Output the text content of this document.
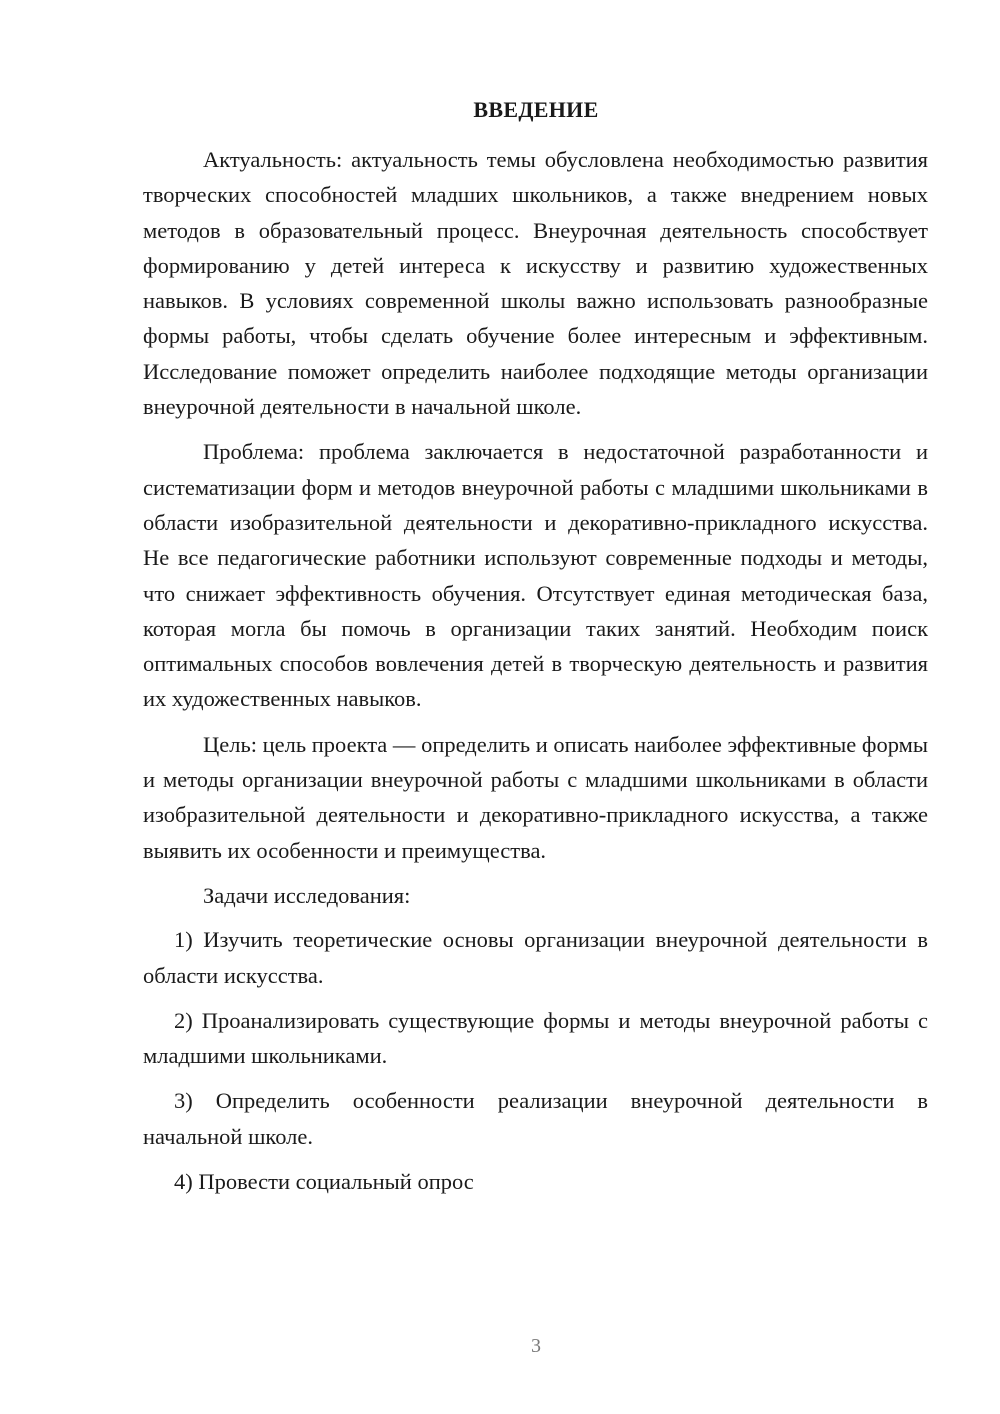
ВВЕДЕНИЕ

Актуальность: актуальность темы обусловлена необходимостью развития творческих способностей младших школьников, а также внедрением новых методов в образовательный процесс. Внеурочная деятельность способствует формированию у детей интереса к искусству и развитию художественных навыков. В условиях современной школы важно использовать разнообразные формы работы, чтобы сделать обучение более интересным и эффективным. Исследование поможет определить наиболее подходящие методы организации внеурочной деятельности в начальной школе.

Проблема: проблема заключается в недостаточной разработанности и систематизации форм и методов внеурочной работы с младшими школьниками в области изобразительной деятельности и декоративно-прикладного искусства. Не все педагогические работники используют современные подходы и методы, что снижает эффективность обучения. Отсутствует единая методическая база, которая могла бы помочь в организации таких занятий. Необходим поиск оптимальных способов вовлечения детей в творческую деятельность и развития их художественных навыков.

Цель: цель проекта — определить и описать наиболее эффективные формы и методы организации внеурочной работы с младшими школьниками в области изобразительной деятельности и декоративно-прикладного искусства, а также выявить их особенности и преимущества.

Задачи исследования:

1) Изучить теоретические основы организации внеурочной деятельности в области искусства.

2) Проанализировать существующие формы и методы внеурочной работы с младшими школьниками.

3) Определить особенности реализации внеурочной деятельности в начальной школе.

4) Провести социальный опрос

3
